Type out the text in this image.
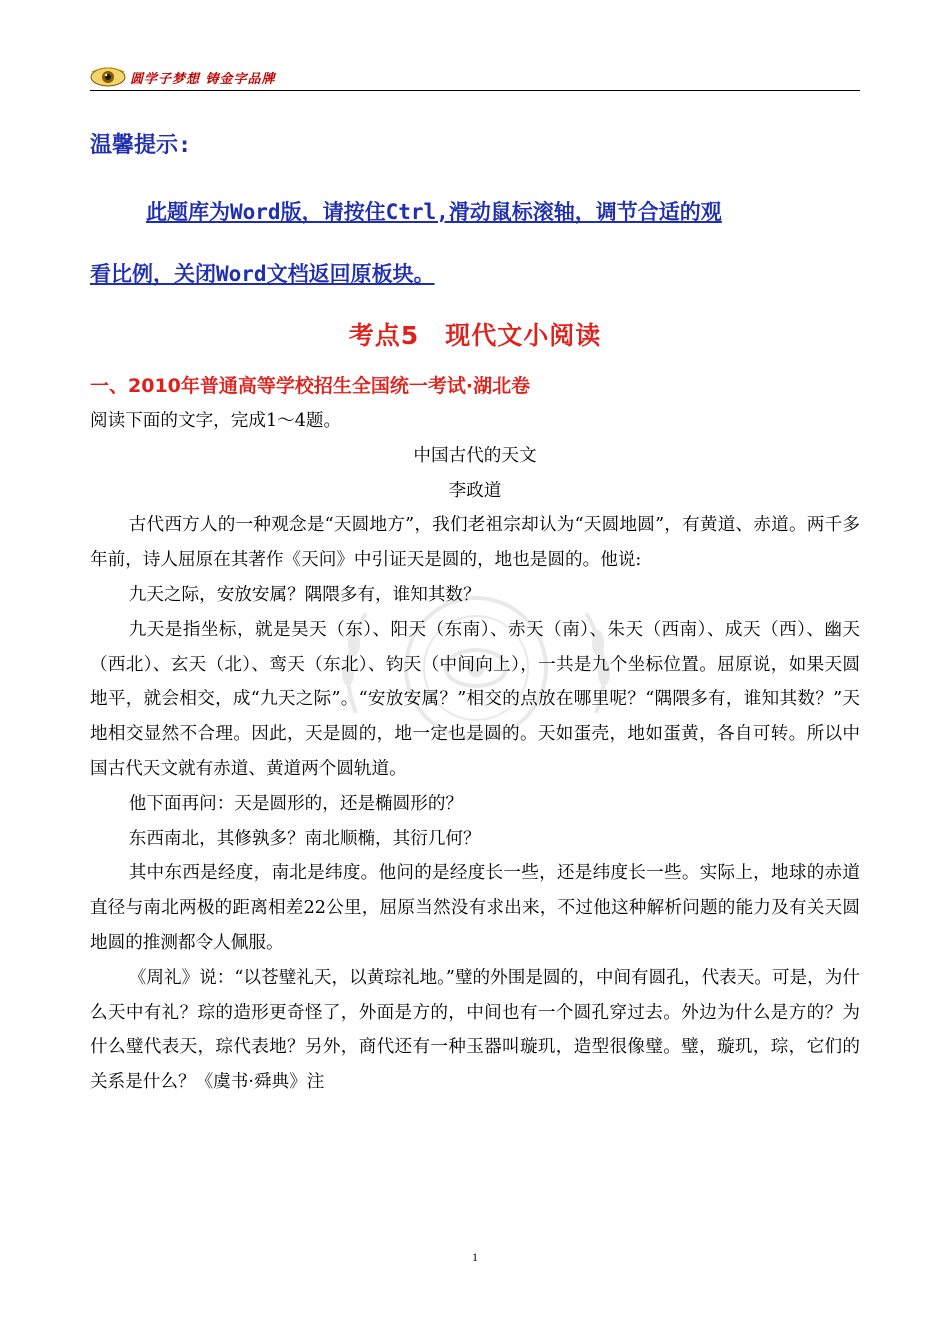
圆学子梦想 铸金字品牌
温馨提示:
此题库为Word版，请按住Ctrl,滑动鼠标滚轴，调节合适的观
看比例，关闭Word文档返回原板块。
考点5　现代文小阅读
一、2010年普通高等学校招生全国统一考试·湖北卷

阅读下面的文字，完成1～4题。

中国古代的天文

李政道

古代西方人的一种观念是“天圆地方”，我们老祖宗却认为“天圆地圆”，有黄道、赤道。两千多年前，诗人屈原在其著作《天问》中引证天是圆的，地也是圆的。他说:

九天之际，安放安属？隅隈多有，谁知其数？

九天是指坐标，就是昊天（东）、阳天（东南）、赤天（南）、朱天（西南）、成天（西）、幽天（西北）、玄天（北）、鸾天（东北）、钧天（中间向上），一共是九个坐标位置。屈原说，如果天圆地平，就会相交，成“九天之际”。“安放安属？”相交的点放在哪里呢？“隅隈多有，谁知其数？”天地相交显然不合理。因此，天是圆的，地一定也是圆的。天如蛋壳，地如蛋黄，各自可转。所以中国古代天文就有赤道、黄道两个圆轨道。

他下面再问：天是圆形的，还是椭圆形的？

东西南北，其修孰多？南北顺椭，其衍几何？

其中东西是经度，南北是纬度。他问的是经度长一些，还是纬度长一些。实际上，地球的赤道直径与南北两极的距离相差22公里，屈原当然没有求出来，不过他这种解析问题的能力及有关天圆地圆的推测都令人佩服。

《周礼》说：“以苍璧礼天，以黄琮礼地。”璧的外围是圆的，中间有圆孔，代表天。可是，为什么天中有礼？琮的造形更奇怪了，外面是方的，中间也有一个圆孔穿过去。外边为什么是方的？为什么璧代表天，琮代表地？另外，商代还有一种玉器叫璇玑，造型很像璧。璧，璇玑，琮，它们的关系是什么？《虞书·舜典》注

1
